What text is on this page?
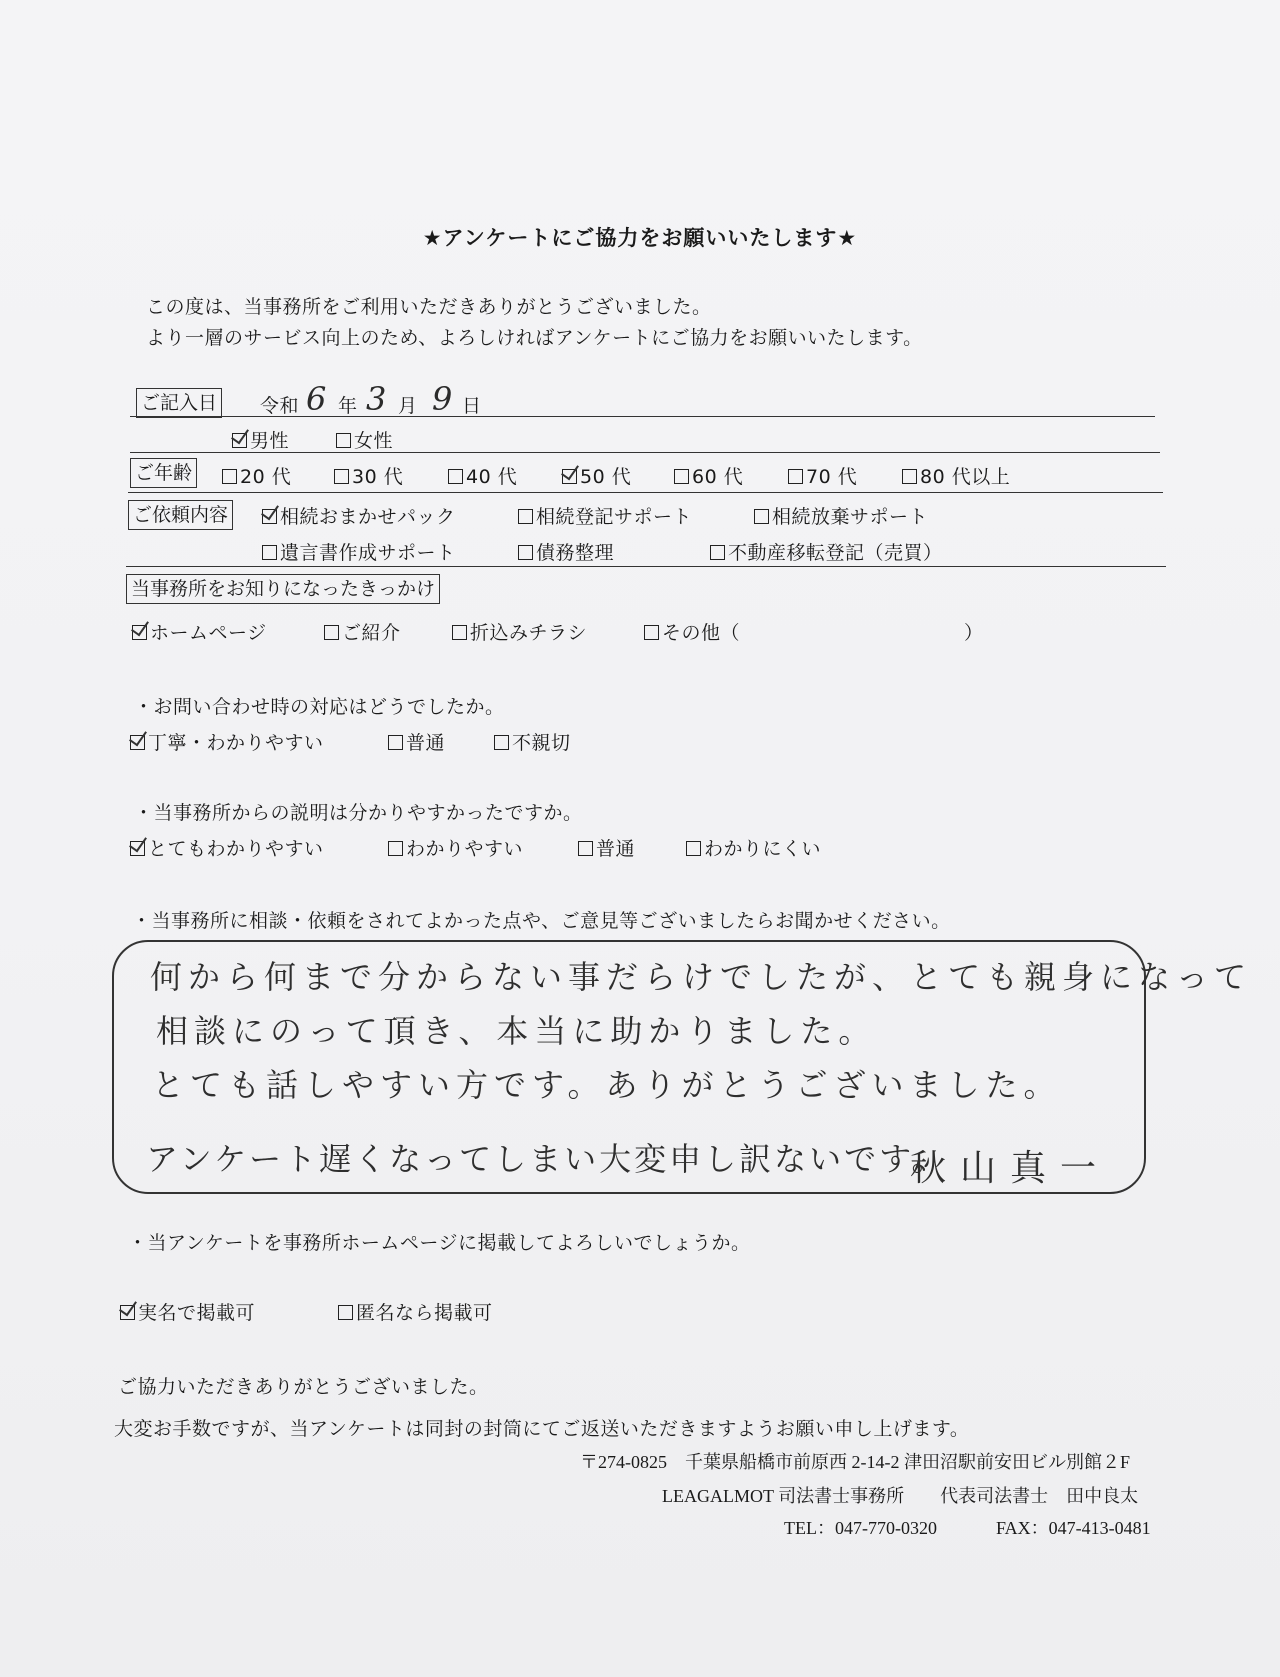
★アンケートにご協力をお願いいたします★
この度は、当事務所をご利用いただきありがとうございました。
より一層のサービス向上のため、よろしければアンケートにご協力をお願いいたします。
ご記入日 令和 6 年 3 月 9 日
男性	女性
ご年齢	20 代	30 代	40 代	50 代	60 代	70 代	80 代以上
ご依頼内容	相続おまかせパック	相続登記サポート	相続放棄サポート
遺言書作成サポート	債務整理	不動産移転登記（売買）
当事務所をお知りになったきっかけ
ホームページ	ご紹介	折込みチラシ	その他（	）
・お問い合わせ時の対応はどうでしたか。
丁寧・わかりやすい	普通	不親切
・当事務所からの説明は分かりやすかったですか。
とてもわかりやすい	わかりやすい	普通	わかりにくい
・当事務所に相談・依頼をされてよかった点や、ご意見等ございましたらお聞かせください。
何から何まで分からない事だらけでしたが、とても親身になって
相談にのって頂き、本当に助かりました。
とても話しやすい方です。ありがとうございました。
アンケート遅くなってしまい大変申し訳ないです。
秋山真一
・当アンケートを事務所ホームページに掲載してよろしいでしょうか。
実名で掲載可	匿名なら掲載可
ご協力いただきありがとうございました。
大変お手数ですが、当アンケートは同封の封筒にてご返送いただきますようお願い申し上げます。
〒274-0825　千葉県船橋市前原西 2-14-2 津田沼駅前安田ビル別館２F
LEAGALMOT 司法書士事務所　　代表司法書士　田中良太
TEL：047-770-0320	FAX：047-413-0481
